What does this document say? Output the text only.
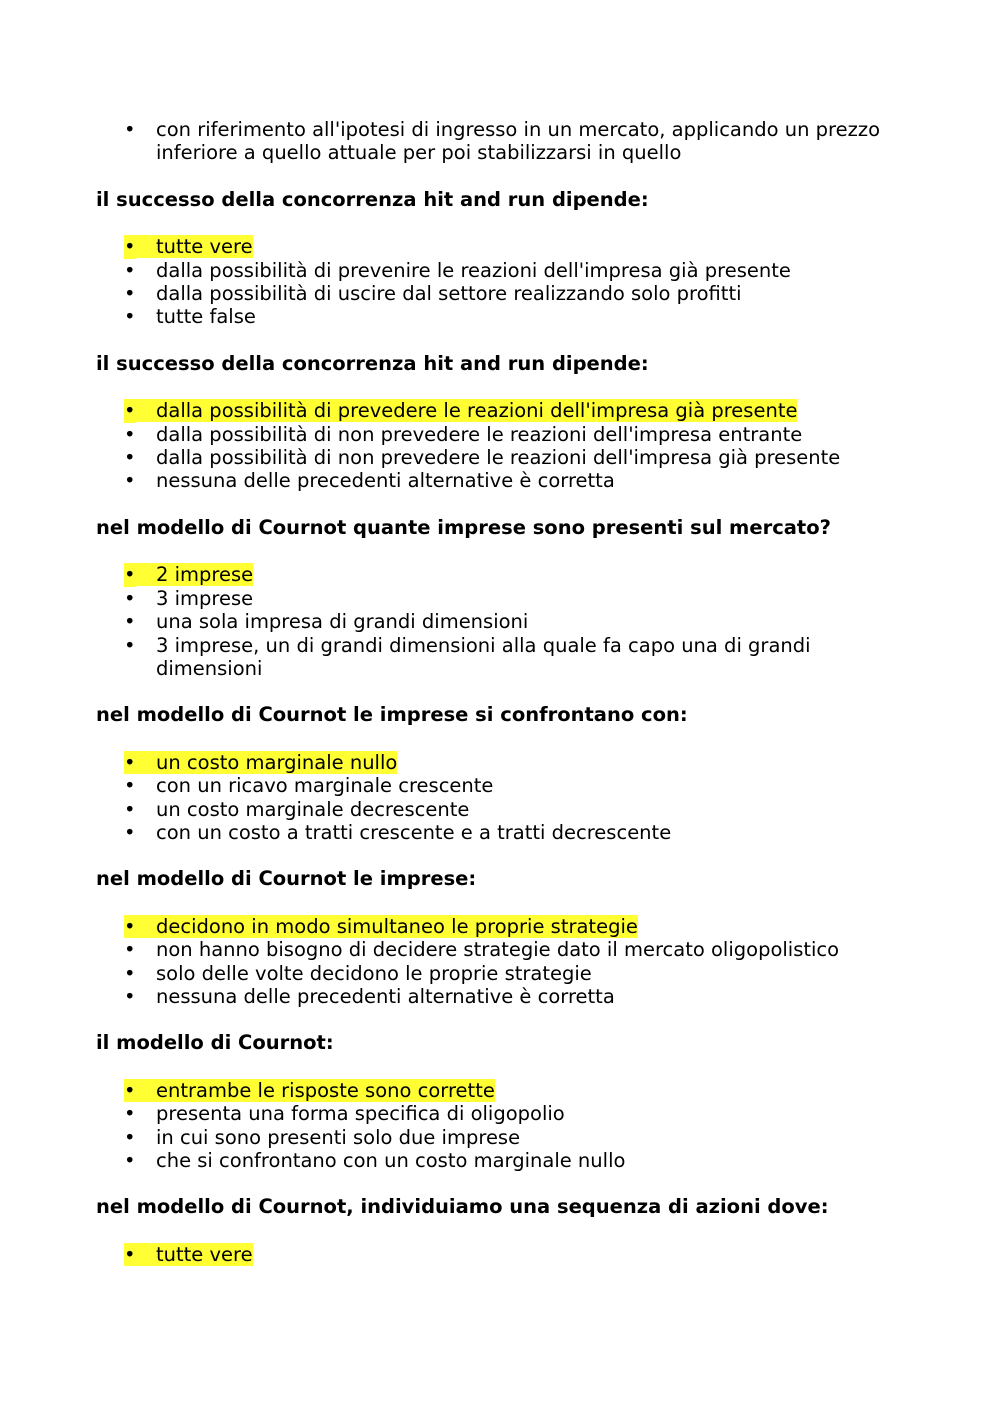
• con riferimento all'ipotesi di ingresso in un mercato, applicando un prezzo inferiore a quello attuale per poi stabilizzarsi in quello
il successo della concorrenza hit and run dipende:
• tutte vere
• dalla possibilità di prevenire le reazioni dell'impresa già presente
• dalla possibilità di uscire dal settore realizzando solo profitti
• tutte false
il successo della concorrenza hit and run dipende:
• dalla possibilità di prevedere le reazioni dell'impresa già presente
• dalla possibilità di non prevedere le reazioni dell'impresa entrante
• dalla possibilità di non prevedere le reazioni dell'impresa già presente
• nessuna delle precedenti alternative è corretta
nel modello di Cournot quante imprese sono presenti sul mercato?
• 2 imprese
• 3 imprese
• una sola impresa di grandi dimensioni
• 3 imprese, un di grandi dimensioni alla quale fa capo una di grandi dimensioni
nel modello di Cournot le imprese si confrontano con:
• un costo marginale nullo
• con un ricavo marginale crescente
• un costo marginale decrescente
• con un costo a tratti crescente e a tratti decrescente
nel modello di Cournot le imprese:
• decidono in modo simultaneo le proprie strategie
• non hanno bisogno di decidere strategie dato il mercato oligopolistico
• solo delle volte decidono le proprie strategie
• nessuna delle precedenti alternative è corretta
il modello di Cournot:
• entrambe le risposte sono corrette
• presenta una forma specifica di oligopolio
• in cui sono presenti solo due imprese
• che si confrontano con un costo marginale nullo
nel modello di Cournot, individuiamo una sequenza di azioni dove:
• tutte vere
